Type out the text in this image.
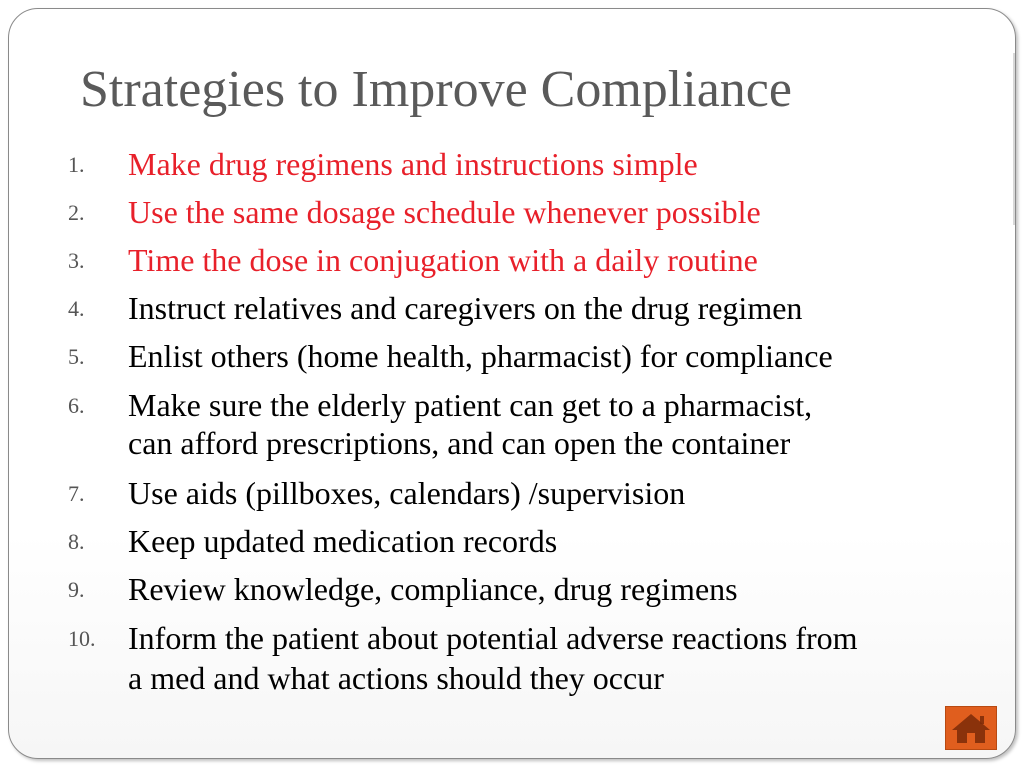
Strategies to Improve Compliance
1.	Make drug regimens and instructions simple
2.	Use the same dosage schedule whenever possible
3.	Time the dose in conjugation with a daily routine
4.	Instruct relatives and caregivers on the drug regimen
5.	Enlist others (home health, pharmacist) for compliance
6.	Make sure the elderly patient can get to a pharmacist,
can afford prescriptions, and can open the container
7.	Use aids (pillboxes, calendars) /supervision
8.	Keep updated medication records
9.	Review knowledge, compliance, drug regimens
10.	Inform the patient about potential adverse reactions from
a med and what actions should they occur
